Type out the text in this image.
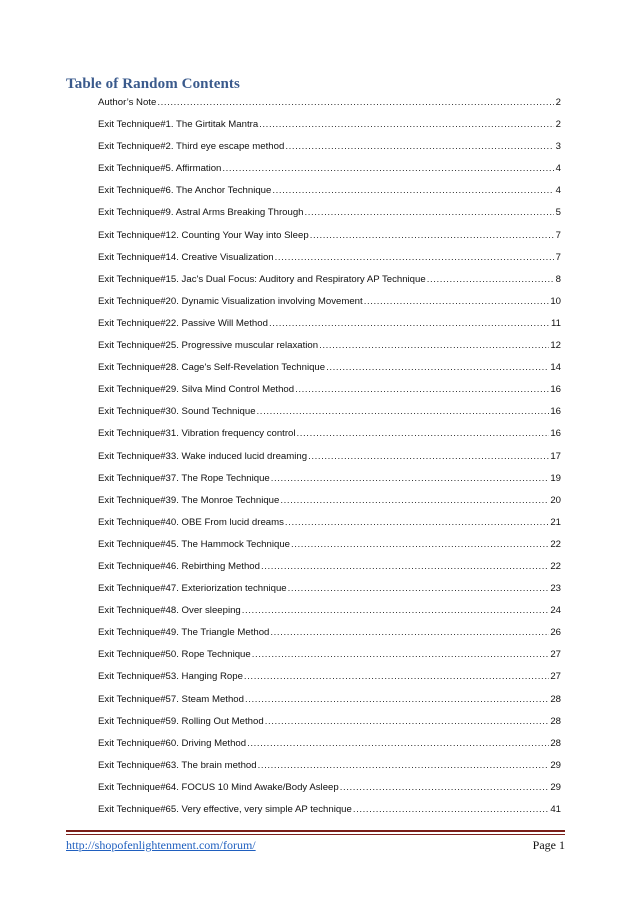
Table of Random Contents
Author’s Note .....	2
Exit Technique#1. The Girtitak Mantra .....	2
Exit Technique#2. Third eye escape method .....	3
Exit Technique#5. Affirmation .....	4
Exit Technique#6. The Anchor Technique .....	4
Exit Technique#9. Astral Arms Breaking Through .....	5
Exit Technique#12. Counting Your Way into Sleep .....	7
Exit Technique#14. Creative Visualization .....	7
Exit Technique#15. Jac's Dual Focus: Auditory and Respiratory AP Technique .....	8
Exit Technique#20. Dynamic Visualization involving Movement .....	10
Exit Technique#22. Passive Will Method .....	11
Exit Technique#25. Progressive muscular relaxation .....	12
Exit Technique#28. Cage's Self-Revelation Technique .....	14
Exit Technique#29. Silva Mind Control Method .....	16
Exit Technique#30. Sound Technique .....	16
Exit Technique#31. Vibration frequency control .....	16
Exit Technique#33. Wake induced lucid dreaming .....	17
Exit Technique#37. The Rope Technique .....	19
Exit Technique#39. The Monroe Technique .....	20
Exit Technique#40. OBE From lucid dreams .....	21
Exit Technique#45. The Hammock Technique .....	22
Exit Technique#46. Rebirthing Method .....	22
Exit Technique#47. Exteriorization technique .....	23
Exit Technique#48. Over sleeping .....	24
Exit Technique#49. The Triangle Method .....	26
Exit Technique#50. Rope Technique .....	27
Exit Technique#53. Hanging Rope .....	27
Exit Technique#57. Steam Method .....	28
Exit Technique#59. Rolling Out Method .....	28
Exit Technique#60. Driving Method .....	28
Exit Technique#63. The brain method .....	29
Exit Technique#64. FOCUS 10 Mind Awake/Body Asleep .....	29
Exit Technique#65. Very effective, very simple AP technique .....	41
http://shopofenlightenment.com/forum/	Page 1
